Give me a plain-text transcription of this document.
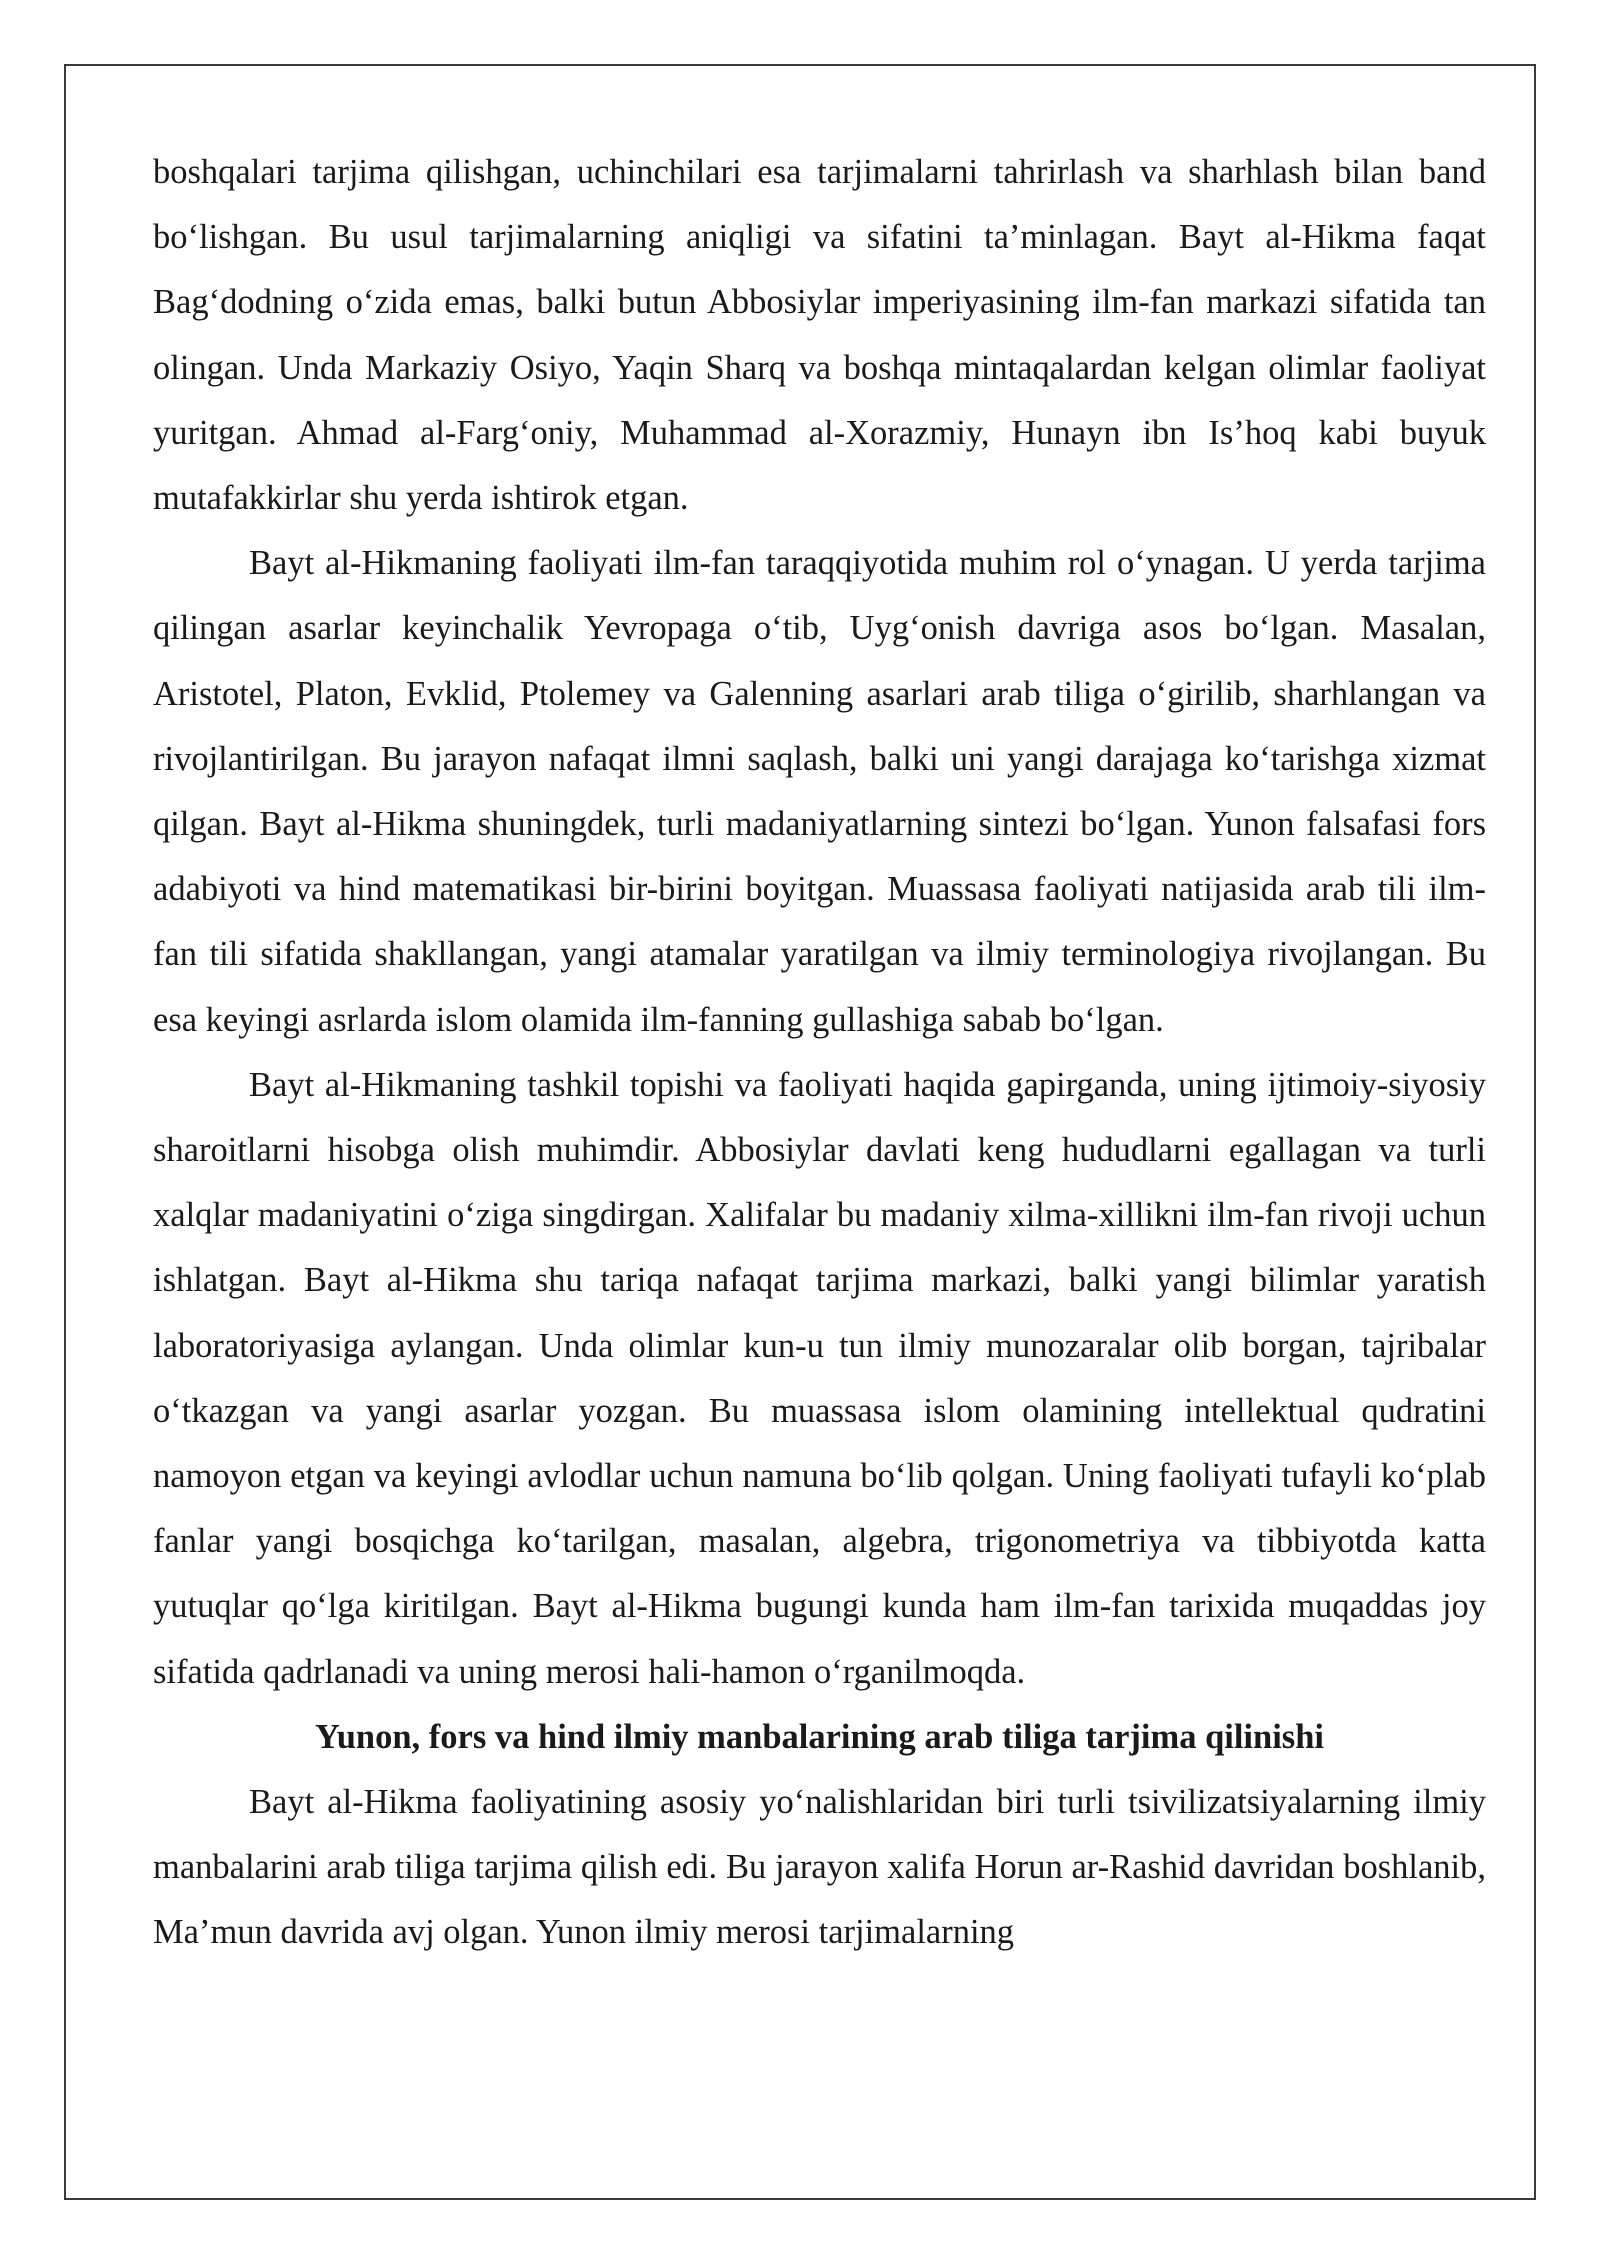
boshqalari tarjima qilishgan, uchinchilari esa tarjimalarni tahrirlash va sharhlash bilan band bo‘lishgan. Bu usul tarjimalarning aniqligi va sifatini ta’minlagan. Bayt al-Hikma faqat Bag‘dodning o‘zida emas, balki butun Abbosiylar imperiyasining ilm-fan markazi sifatida tan olingan. Unda Markaziy Osiyo, Yaqin Sharq va boshqa mintaqalardan kelgan olimlar faoliyat yuritgan. Ahmad al-Farg‘oniy, Muhammad al-Xorazmiy, Hunayn ibn Is’hoq kabi buyuk mutafakkirlar shu yerda ishtirok etgan.

Bayt al-Hikmaning faoliyati ilm-fan taraqqiyotida muhim rol o‘ynagan. U yerda tarjima qilingan asarlar keyinchalik Yevropaga o‘tib, Uyg‘onish davriga asos bo‘lgan. Masalan, Aristotel, Platon, Evklid, Ptolemey va Galenning asarlari arab tiliga o‘girilib, sharhlangan va rivojlantirilgan. Bu jarayon nafaqat ilmni saqlash, balki uni yangi darajaga ko‘tarishga xizmat qilgan. Bayt al-Hikma shuningdek, turli madaniyatlarning sintezi bo‘lgan. Yunon falsafasi fors adabiyoti va hind matematikasi bir-birini boyitgan. Muassasa faoliyati natijasida arab tili ilm-fan tili sifatida shakllangan, yangi atamalar yaratilgan va ilmiy terminologiya rivojlangan. Bu esa keyingi asrlarda islom olamida ilm-fanning gullashiga sabab bo‘lgan.

Bayt al-Hikmaning tashkil topishi va faoliyati haqida gapirganda, uning ijtimoiy-siyosiy sharoitlarni hisobga olish muhimdir. Abbosiylar davlati keng hududlarni egallagan va turli xalqlar madaniyatini o‘ziga singdirgan. Xalifalar bu madaniy xilma-xillikni ilm-fan rivoji uchun ishlatgan. Bayt al-Hikma shu tariqa nafaqat tarjima markazi, balki yangi bilimlar yaratish laboratoriyasiga aylangan. Unda olimlar kun-u tun ilmiy munozaralar olib borgan, tajribalar o‘tkazgan va yangi asarlar yozgan. Bu muassasa islom olamining intellektual qudratini namoyon etgan va keyingi avlodlar uchun namuna bo‘lib qolgan. Uning faoliyati tufayli ko‘plab fanlar yangi bosqichga ko‘tarilgan, masalan, algebra, trigonometriya va tibbiyotda katta yutuqlar qo‘lga kiritilgan. Bayt al-Hikma bugungi kunda ham ilm-fan tarixida muqaddas joy sifatida qadrlanadi va uning merosi hali-hamon o‘rganilmoqda.

Yunon, fors va hind ilmiy manbalarining arab tiliga tarjima qilinishi

Bayt al-Hikma faoliyatining asosiy yo‘nalishlaridan biri turli tsivilizatsiyalarning ilmiy manbalarini arab tiliga tarjima qilish edi. Bu jarayon xalifa Horun ar-Rashid davridan boshlanib, Ma’mun davrida avj olgan. Yunon ilmiy merosi tarjimalarning
